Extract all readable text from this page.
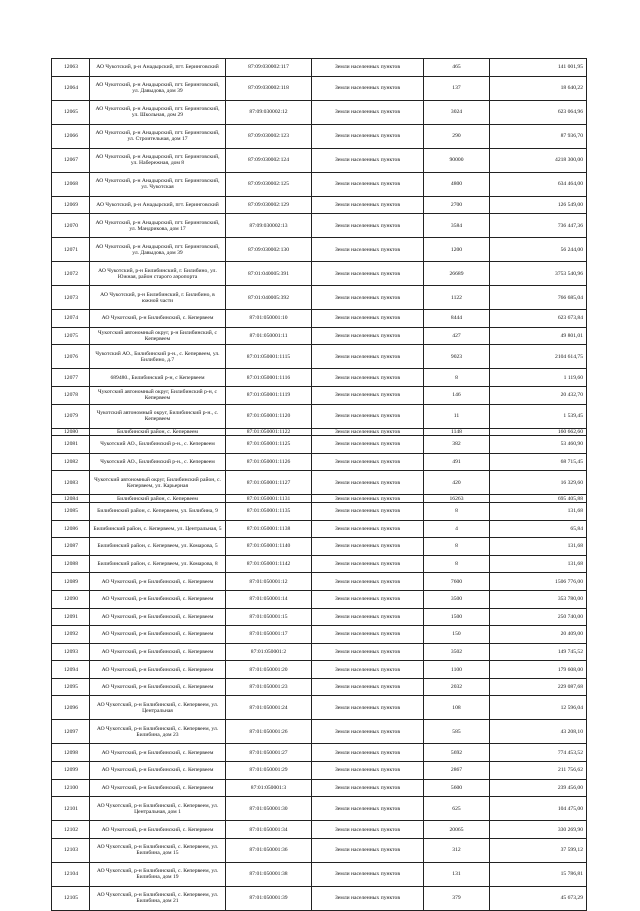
12063	АО Чукотский, р-н Анадырский, пгт. Беринговский	87:09:030002:117	Земли населенных пунктов	465	141 001,95
12064	АО Чукотский, р-н Анадырский, пгт. Беринговский, ул. Давыдова, дом 39	87:09:030002:118	Земли населенных пунктов	137	18 640,22
12065	АО Чукотский, р-н Анадырский, пгт. Беринговский, ул. Школьная, дом 29	87:09:030002:12	Земли населенных пунктов	3024	623 064,96
12066	АО Чукотский, р-н Анадырский, пгт. Беринговский, ул. Строительная, дом 17	87:09:030002:123	Земли населенных пунктов	290	87 936,70
12067	АО Чукотский, р-н Анадырский, пгт. Беринговский, ул. Набережная, дом 8	87:09:030002:124	Земли населенных пунктов	90000	4218 300,00
12068	АО Чукотский, р-н Анадырский, пгт. Беринговский, ул. Чукотская	87:09:030002:125	Земли населенных пунктов	4800	634 464,00
12069	АО Чукотский, р-н Анадырский, пгт. Беринговский	87:09:030002:129	Земли населенных пунктов	2700	126 549,00
12070	АО Чукотский, р-н Анадырский, пгт. Беринговский, ул. Мандрикова, дом 17	87:09:030002:13	Земли населенных пунктов	3584	736 447,36
12071	АО Чукотский, р-н Анадырский, пгт. Беринговский, ул. Давыдова, дом 39	87:09:030002:130	Земли населенных пунктов	1200	56 244,00
12072	АО Чукотский, р-н Билибинский, г. Билибино, ул. Южная, район старого аэропорта	87:01:040005:391	Земли населенных пунктов	26689	3753 540,96
12073	АО Чукотский, р-н Билибинский, г. Билибино, в южной части	87:01:040005:392	Земли населенных пунктов	1122	766 685,04
12074	АО Чукотский, р-н Билибинский, с. Кепервеем	87:01:050001:10	Земли населенных пунктов	8444	623 673,84
12075	Чукотский автономный округ, р-н Билибинский, с Кепервеем	87:01:050001:11	Земли населенных пунктов	427	49 801,01
12076	Чукотский АО., Билибинский р-н., с. Кепервеем, ул. Билибино, д.7	87:01:050001:1115	Земли населенных пунктов	9023	2104 614,75
12077	689480., Билибинский р-н, с Кепервеем	87:01:050001:1116	Земли населенных пунктов	8	1 119,60
12078	Чукотский автономный округ, Билибинский р-н, с Кепервеем	87:01:050001:1119	Земли населенных пунктов	146	20 432,70
12079	Чукотский автономный округ, Билибинский р-н., с. Кепервеем	87:01:050001:1120	Земли населенных пунктов	11	1 539,45
12080	Билибинский район, с. Кепервеем	87:01:050001:1122	Земли населенных пунктов	1148	160 662,60
12081	Чукотский АО., Билибинский р-н., с. Кепервеем	87:01:050001:1125	Земли населенных пунктов	382	53 460,90
12082	Чукотский АО., Билибинский р-н., с. Кепервеем	87:01:050001:1126	Земли населенных пунктов	491	68 715,45
12083	Чукотский автономный округ, Билибинский район, с. Кепервеем, ул. Карьерная	87:01:050001:1127	Земли населенных пунктов	420	16 329,60
12084	Билибинский район, с. Кепервеем	87:01:050001:1131	Земли населенных пунктов	16263	695 405,88
12085	Билибинский район, с. Кепервеем, ул. Билибина, 9	87:01:050001:1135	Земли населенных пунктов	8	131,68
12086	Билибинский район, с. Кепервеем, ул. Центральная, 5	87:01:050001:1138	Земли населенных пунктов	4	65,84
12087	Билибинский район, с. Кепервеем, ул. Комарова, 5	87:01:050001:1140	Земли населенных пунктов	8	131,68
12088	Билибинский район, с. Кепервеем, ул. Комарова, 8	87:01:050001:1142	Земли населенных пунктов	8	131,68
12089	АО Чукотский, р-н Билибинский, с. Кепервеем	87:01:050001:12	Земли населенных пунктов	7600	1506 776,00
12090	АО Чукотский, р-н Билибинский, с. Кепервеем	87:01:050001:14	Земли населенных пунктов	3500	353 780,00
12091	АО Чукотский, р-н Билибинский, с. Кепервеем	87:01:050001:15	Земли населенных пунктов	1500	250 740,00
12092	АО Чукотский, р-н Билибинский, с. Кепервеем	87:01:050001:17	Земли населенных пунктов	150	20 409,00
12093	АО Чукотский, р-н Билибинский, с. Кепервеем	87:01:050001:2	Земли населенных пунктов	3502	149 745,52
12094	АО Чукотский, р-н Билибинский, с. Кепервеем	87:01:050001:20	Земли населенных пунктов	1100	179 608,00
12095	АО Чукотский, р-н Билибинский, с. Кепервеем	87:01:050001:23	Земли населенных пунктов	2032	229 087,68
12096	АО Чукотский, р-н Билибинский, с. Кепервеем, ул. Центральная	87:01:050001:24	Земли населенных пунктов	108	12 596,04
12097	АО Чукотский, р-н Билибинский, с. Кепервеем, ул. Билибина, дом 23	87:01:050001:26	Земли населенных пунктов	585	43 208,10
12098	АО Чукотский, р-н Билибинский, с. Кепервеем	87:01:050001:27	Земли населенных пунктов	5692	774 453,52
12099	АО Чукотский, р-н Билибинский, с. Кепервеем	87:01:050001:29	Земли населенных пунктов	2867	211 756,62
12100	АО Чукотский, р-н Билибинский, с. Кепервеем	87:01:050001:3	Земли населенных пунктов	5600	239 456,00
12101	АО Чукотский, р-н Билибинский, с. Кепервеем, ул. Центральная, дом 1	87:01:050001:30	Земли населенных пунктов	625	104 475,00
12102	АО Чукотский, р-н Билибинский, с. Кепервеем	87:01:050001:34	Земли населенных пунктов	20065	330 269,90
12103	АО Чукотский, р-н Билибинский, с. Кепервеем, ул. Билибина, дом 15	87:01:050001:36	Земли населенных пунктов	312	37 599,12
12104	АО Чукотский, р-н Билибинский, с. Кепервеем, ул. Билибина, дом 19	87:01:050001:38	Земли населенных пунктов	131	15 786,81
12105	АО Чукотский, р-н Билибинский, с. Кепервеем, ул. Билибина, дом 21	87:01:050001:39	Земли населенных пунктов	379	45 673,29
